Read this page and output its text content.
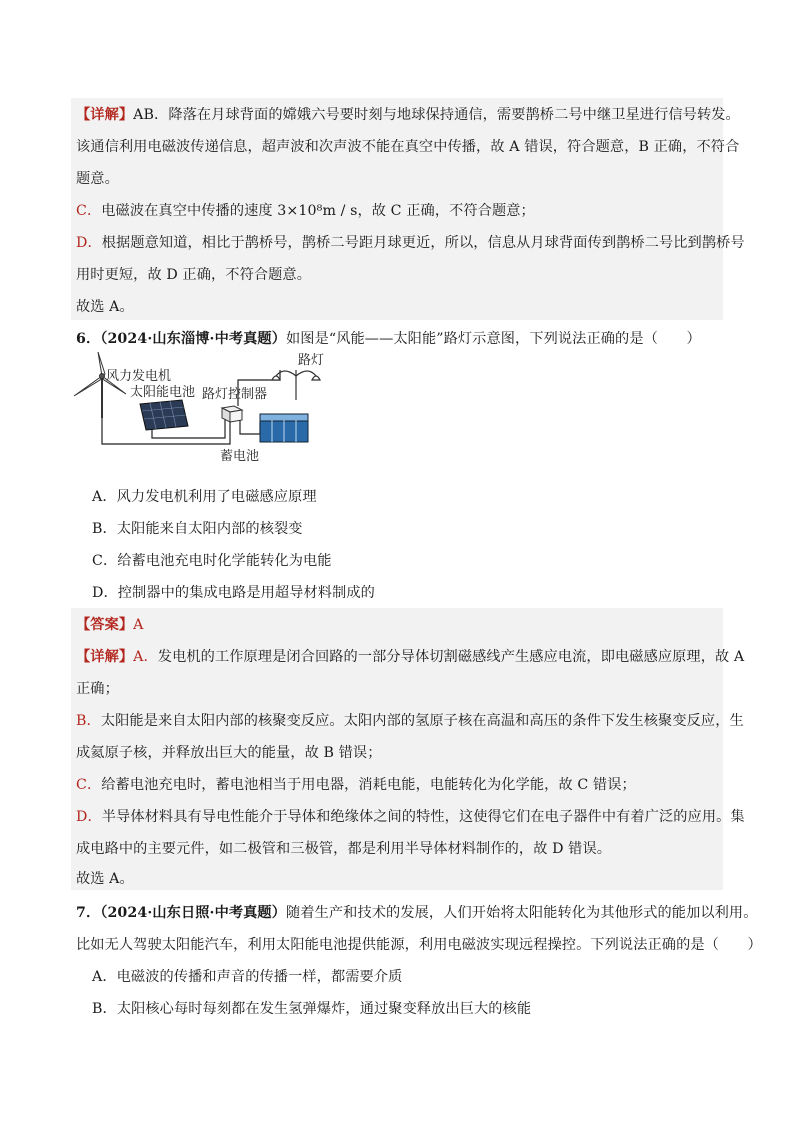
【详解】AB．降落在月球背面的嫦娥六号要时刻与地球保持通信，需要鹊桥二号中继卫星进行信号转发。
该通信利用电磁波传递信息，超声波和次声波不能在真空中传播，故 A 错误，符合题意，B 正确，不符合
题意。
C．电磁波在真空中传播的速度 3×10⁸m / s，故 C 正确，不符合题意；
D．根据题意知道，相比于鹊桥号，鹊桥二号距月球更近，所以，信息从月球背面传到鹊桥二号比到鹊桥号
用时更短，故 D 正确，不符合题意。
故选 A。
6．（2024·山东淄博·中考真题）如图是“风能——太阳能”路灯示意图，下列说法正确的是（　　）
风力发电机
太阳能电池 路灯控制器
路灯
蓄电池
A．风力发电机利用了电磁感应原理
B．太阳能来自太阳内部的核裂变
C．给蓄电池充电时化学能转化为电能
D．控制器中的集成电路是用超导材料制成的
【答案】A
【详解】A．发电机的工作原理是闭合回路的一部分导体切割磁感线产生感应电流，即电磁感应原理，故 A
正确；
B．太阳能是来自太阳内部的核聚变反应。太阳内部的氢原子核在高温和高压的条件下发生核聚变反应，生
成氦原子核，并释放出巨大的能量，故 B 错误；
C．给蓄电池充电时，蓄电池相当于用电器，消耗电能，电能转化为化学能，故 C 错误；
D．半导体材料具有导电性能介于导体和绝缘体之间的特性，这使得它们在电子器件中有着广泛的应用。集
成电路中的主要元件，如二极管和三极管，都是利用半导体材料制作的，故 D 错误。
故选 A。
7．（2024·山东日照·中考真题）随着生产和技术的发展，人们开始将太阳能转化为其他形式的能加以利用。
比如无人驾驶太阳能汽车，利用太阳能电池提供能源，利用电磁波实现远程操控。下列说法正确的是（　　）
A．电磁波的传播和声音的传播一样，都需要介质
B．太阳核心每时每刻都在发生氢弹爆炸，通过聚变释放出巨大的核能
